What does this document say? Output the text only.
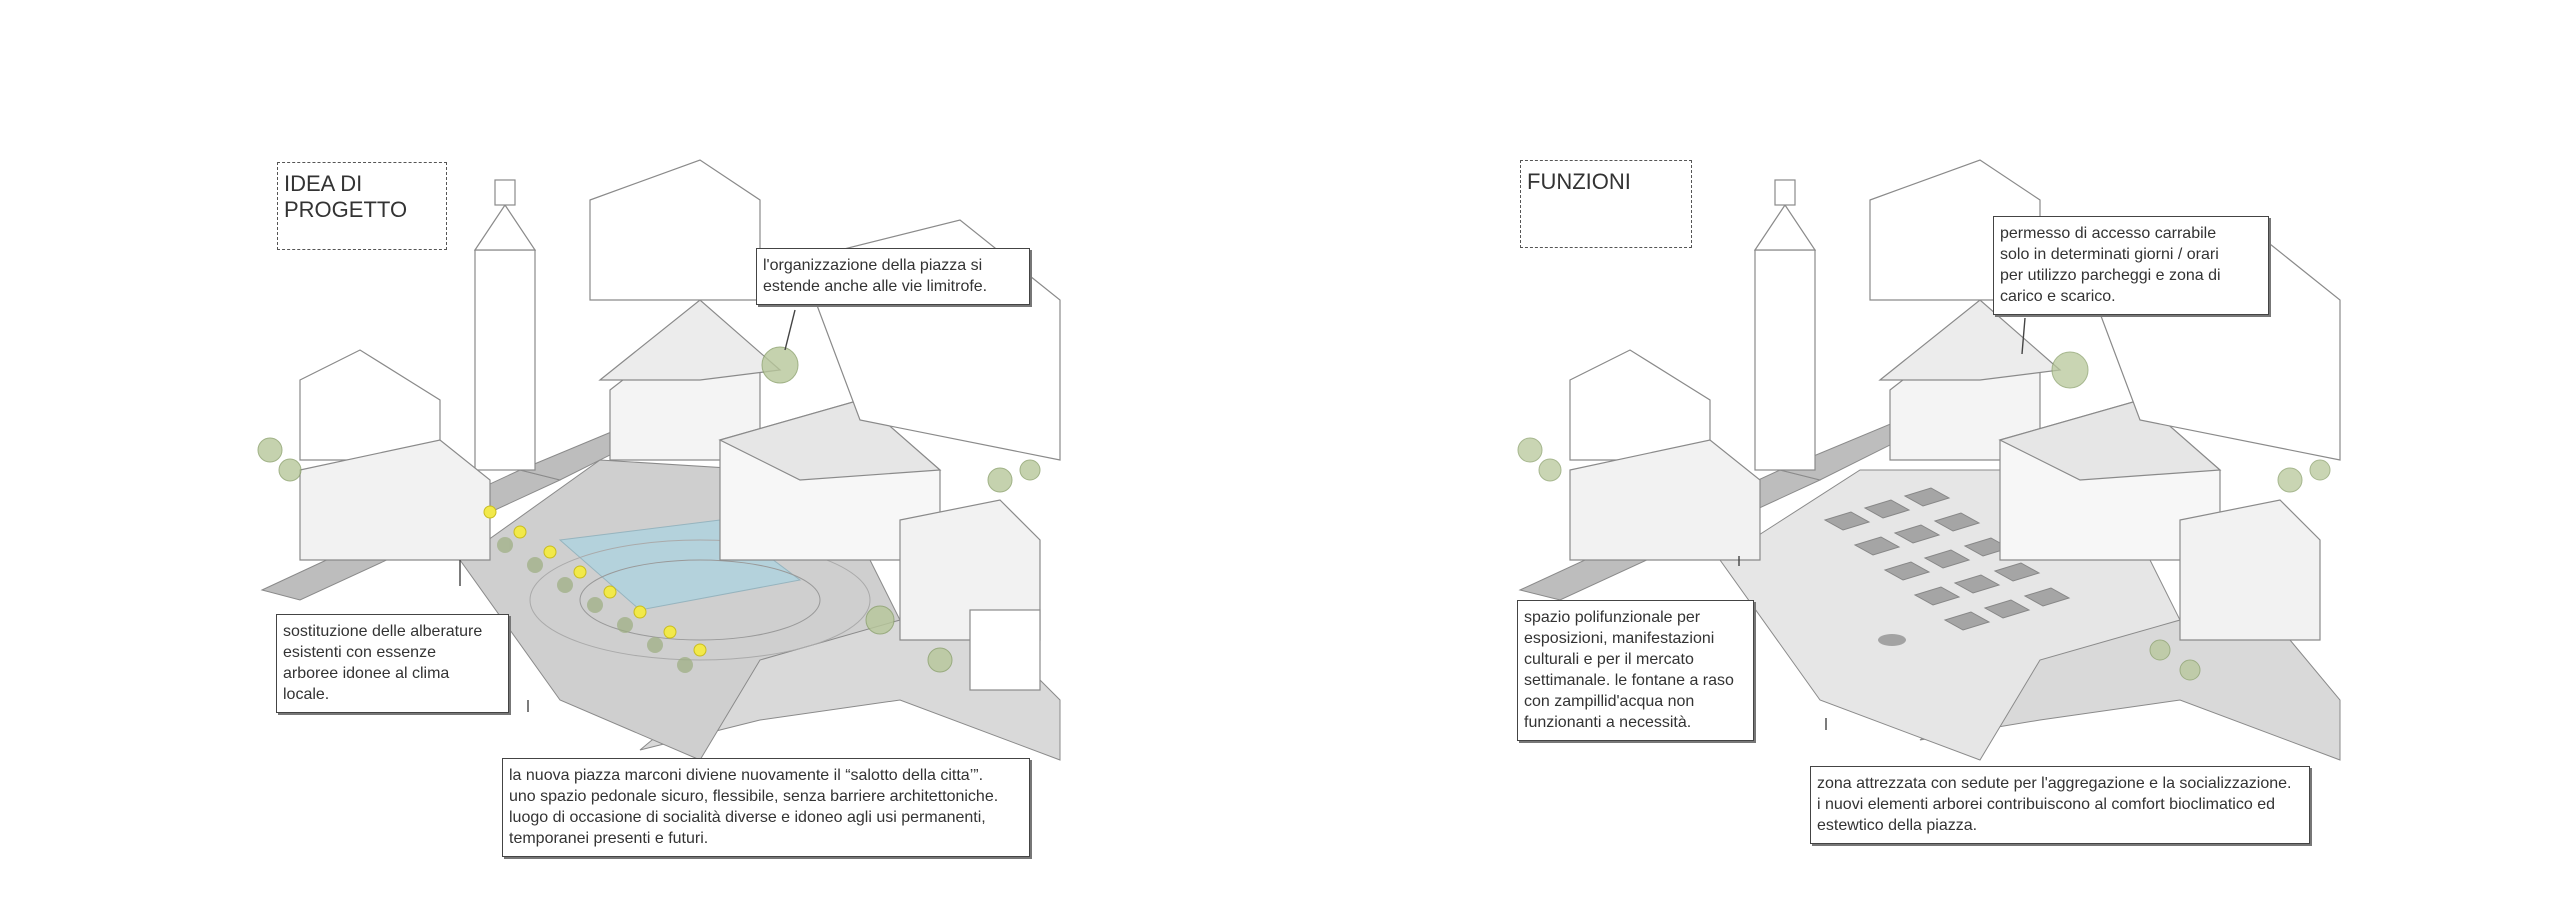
IDEA DI
PROGETTO
l'organizzazione della piazza si
estende anche alle vie limitrofe.
sostituzione delle alberature
esistenti con essenze
arboree idonee al clima
locale.
la nuova piazza marconi diviene nuovamente il “salotto della citta’”.
uno spazio pedonale sicuro, flessibile, senza barriere architettoniche.
luogo di occasione di socialità diverse e idoneo agli usi permanenti,
temporanei presenti e futuri.
FUNZIONI
permesso di accesso carrabile
solo in determinati giorni / orari
per utilizzo parcheggi e zona di
carico e scarico.
spazio polifunzionale per
esposizioni, manifestazioni
culturali e per il mercato
settimanale. le fontane a raso
con zampillid'acqua non
funzionanti a necessità.
zona attrezzata con sedute per l'aggregazione e la socializzazione.
i nuovi elementi arborei contribuiscono al comfort bioclimatico ed
estewtico della piazza.
